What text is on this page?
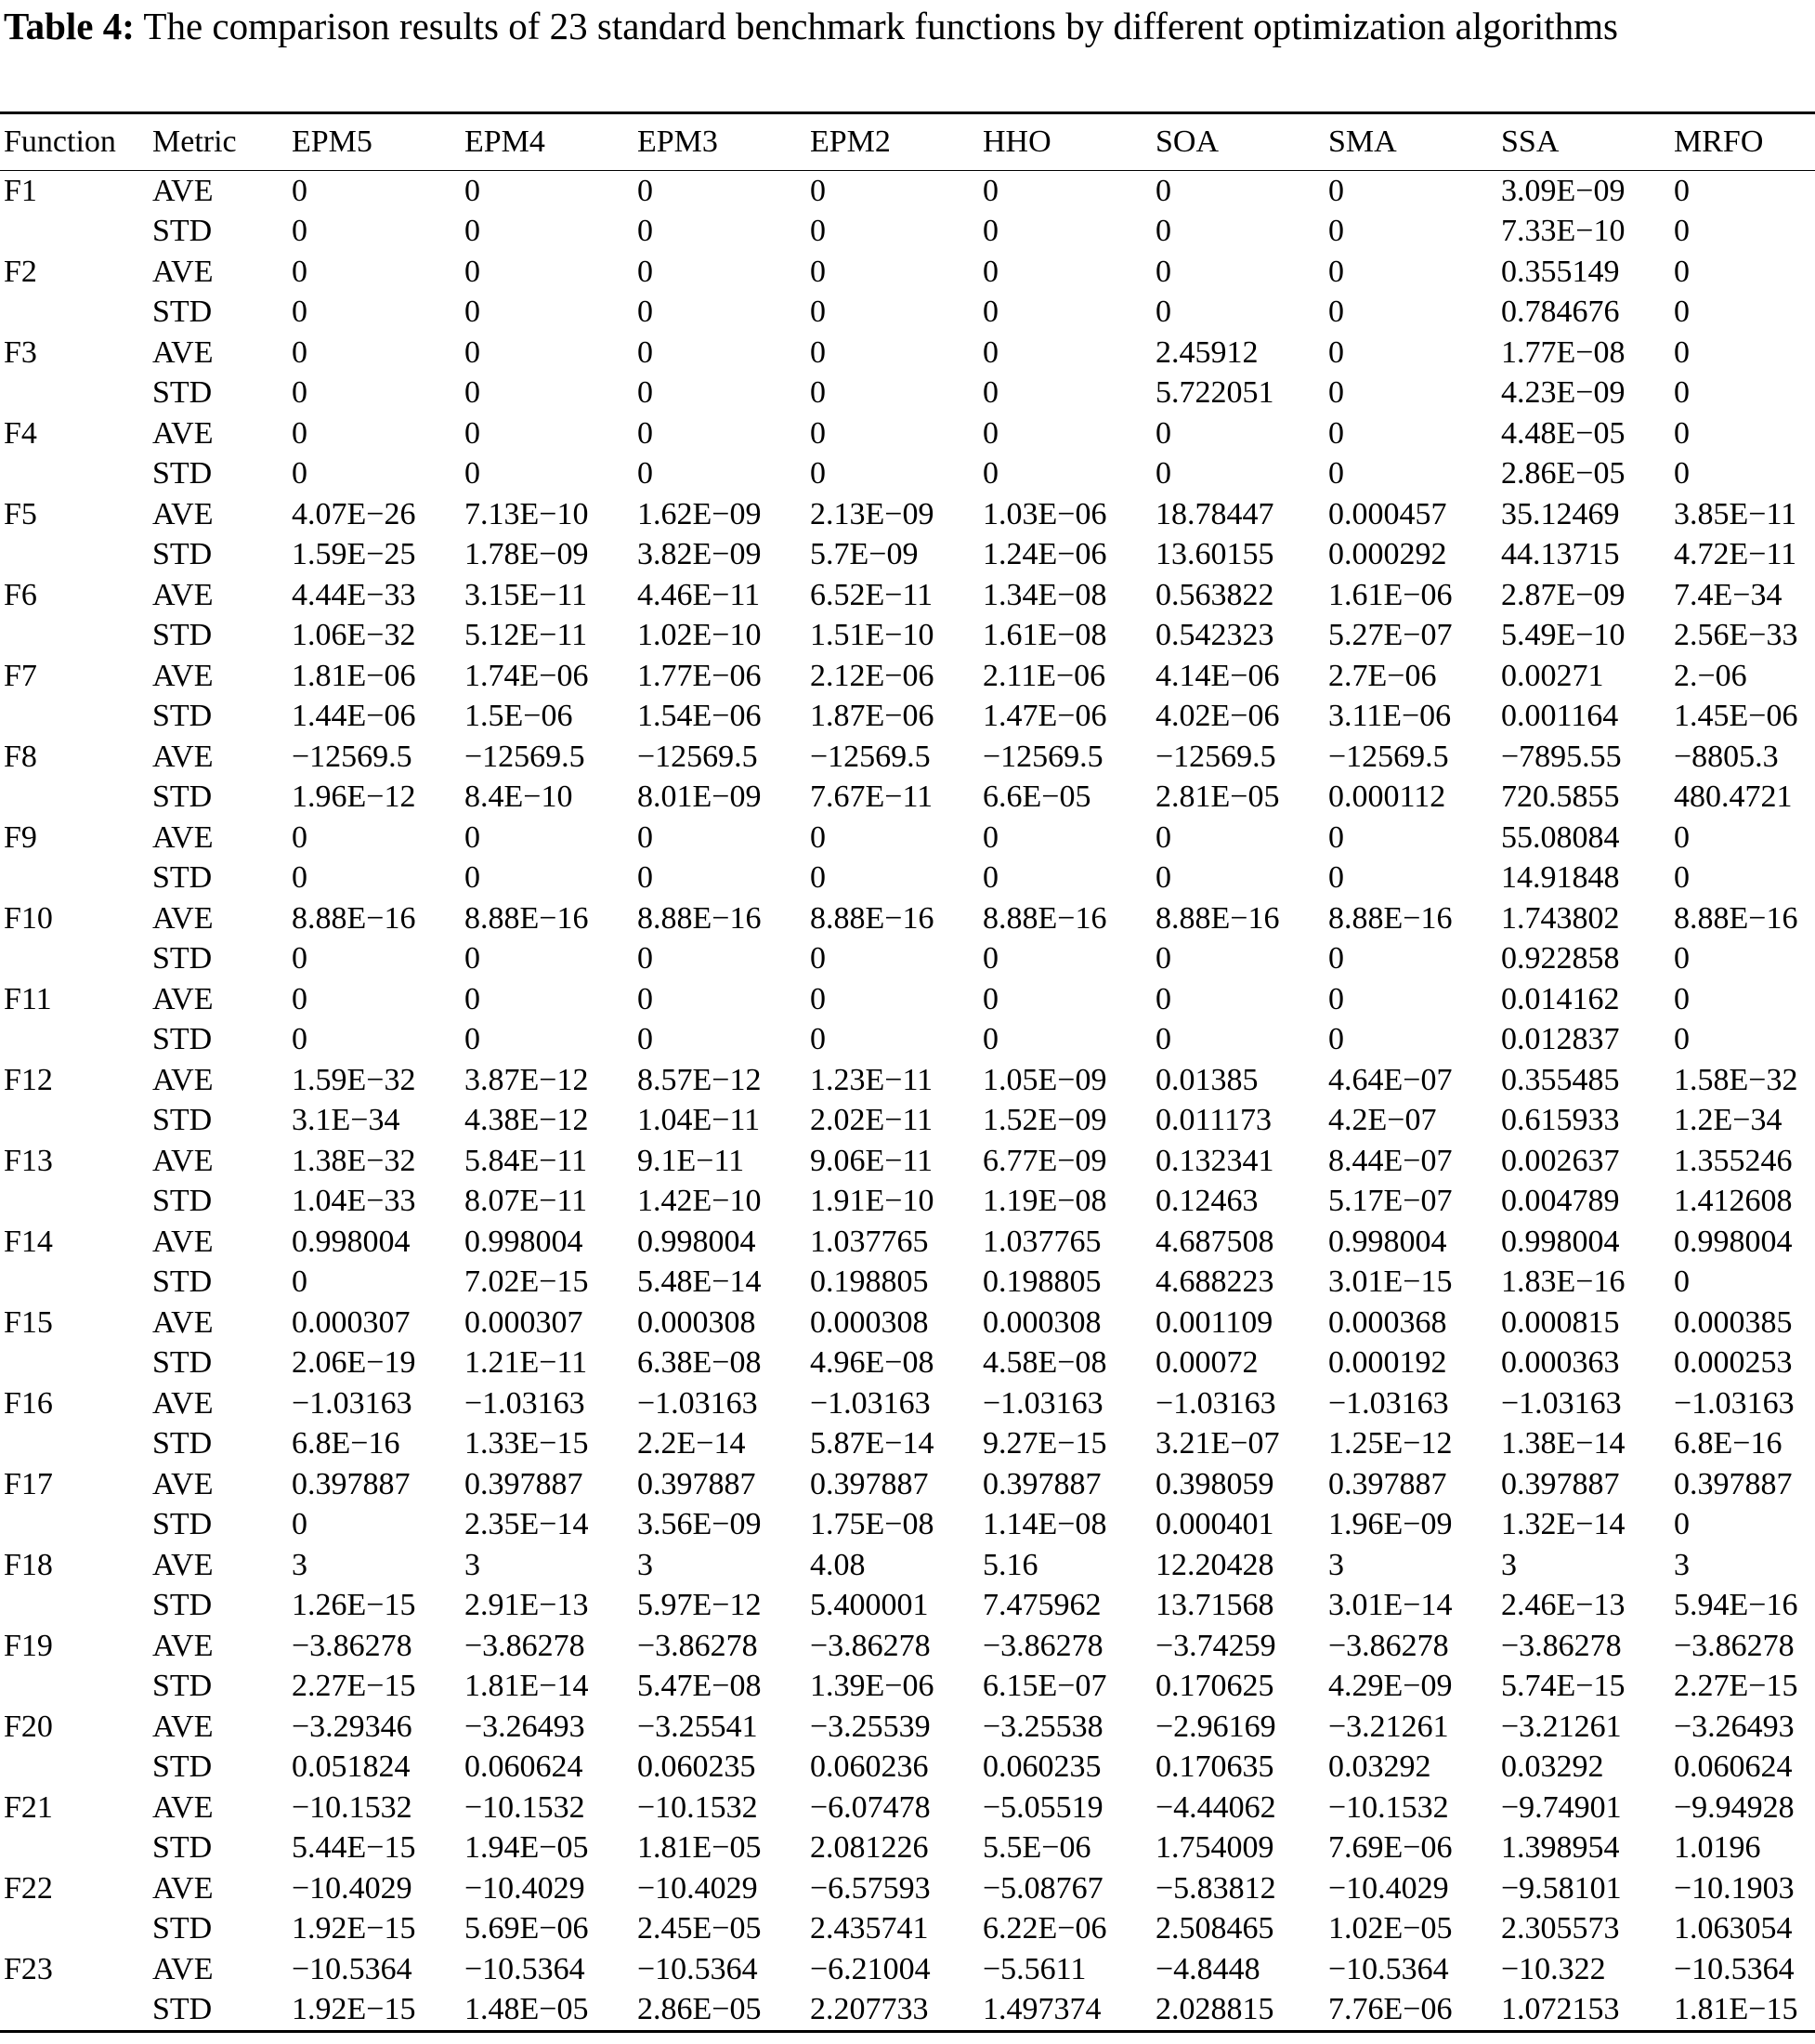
Table 4: The comparison results of 23 standard benchmark functions by different optimization algorithms
Function	Metric	EPM5	EPM4	EPM3	EPM2	HHO	SOA	SMA	SSA	MRFO
F1	AVE	0	0	0	0	0	0	0	3.09E−09	0
	STD	0	0	0	0	0	0	0	7.33E−10	0
F2	AVE	0	0	0	0	0	0	0	0.355149	0
	STD	0	0	0	0	0	0	0	0.784676	0
F3	AVE	0	0	0	0	0	2.45912	0	1.77E−08	0
	STD	0	0	0	0	0	5.722051	0	4.23E−09	0
F4	AVE	0	0	0	0	0	0	0	4.48E−05	0
	STD	0	0	0	0	0	0	0	2.86E−05	0
F5	AVE	4.07E−26	7.13E−10	1.62E−09	2.13E−09	1.03E−06	18.78447	0.000457	35.12469	3.85E−11
	STD	1.59E−25	1.78E−09	3.82E−09	5.7E−09	1.24E−06	13.60155	0.000292	44.13715	4.72E−11
F6	AVE	4.44E−33	3.15E−11	4.46E−11	6.52E−11	1.34E−08	0.563822	1.61E−06	2.87E−09	7.4E−34
	STD	1.06E−32	5.12E−11	1.02E−10	1.51E−10	1.61E−08	0.542323	5.27E−07	5.49E−10	2.56E−33
F7	AVE	1.81E−06	1.74E−06	1.77E−06	2.12E−06	2.11E−06	4.14E−06	2.7E−06	0.00271	2.−06
	STD	1.44E−06	1.5E−06	1.54E−06	1.87E−06	1.47E−06	4.02E−06	3.11E−06	0.001164	1.45E−06
F8	AVE	−12569.5	−12569.5	−12569.5	−12569.5	−12569.5	−12569.5	−12569.5	−7895.55	−8805.3
	STD	1.96E−12	8.4E−10	8.01E−09	7.67E−11	6.6E−05	2.81E−05	0.000112	720.5855	480.4721
F9	AVE	0	0	0	0	0	0	0	55.08084	0
	STD	0	0	0	0	0	0	0	14.91848	0
F10	AVE	8.88E−16	8.88E−16	8.88E−16	8.88E−16	8.88E−16	8.88E−16	8.88E−16	1.743802	8.88E−16
	STD	0	0	0	0	0	0	0	0.922858	0
F11	AVE	0	0	0	0	0	0	0	0.014162	0
	STD	0	0	0	0	0	0	0	0.012837	0
F12	AVE	1.59E−32	3.87E−12	8.57E−12	1.23E−11	1.05E−09	0.01385	4.64E−07	0.355485	1.58E−32
	STD	3.1E−34	4.38E−12	1.04E−11	2.02E−11	1.52E−09	0.011173	4.2E−07	0.615933	1.2E−34
F13	AVE	1.38E−32	5.84E−11	9.1E−11	9.06E−11	6.77E−09	0.132341	8.44E−07	0.002637	1.355246
	STD	1.04E−33	8.07E−11	1.42E−10	1.91E−10	1.19E−08	0.12463	5.17E−07	0.004789	1.412608
F14	AVE	0.998004	0.998004	0.998004	1.037765	1.037765	4.687508	0.998004	0.998004	0.998004
	STD	0	7.02E−15	5.48E−14	0.198805	0.198805	4.688223	3.01E−15	1.83E−16	0
F15	AVE	0.000307	0.000307	0.000308	0.000308	0.000308	0.001109	0.000368	0.000815	0.000385
	STD	2.06E−19	1.21E−11	6.38E−08	4.96E−08	4.58E−08	0.00072	0.000192	0.000363	0.000253
F16	AVE	−1.03163	−1.03163	−1.03163	−1.03163	−1.03163	−1.03163	−1.03163	−1.03163	−1.03163
	STD	6.8E−16	1.33E−15	2.2E−14	5.87E−14	9.27E−15	3.21E−07	1.25E−12	1.38E−14	6.8E−16
F17	AVE	0.397887	0.397887	0.397887	0.397887	0.397887	0.398059	0.397887	0.397887	0.397887
	STD	0	2.35E−14	3.56E−09	1.75E−08	1.14E−08	0.000401	1.96E−09	1.32E−14	0
F18	AVE	3	3	3	4.08	5.16	12.20428	3	3	3
	STD	1.26E−15	2.91E−13	5.97E−12	5.400001	7.475962	13.71568	3.01E−14	2.46E−13	5.94E−16
F19	AVE	−3.86278	−3.86278	−3.86278	−3.86278	−3.86278	−3.74259	−3.86278	−3.86278	−3.86278
	STD	2.27E−15	1.81E−14	5.47E−08	1.39E−06	6.15E−07	0.170625	4.29E−09	5.74E−15	2.27E−15
F20	AVE	−3.29346	−3.26493	−3.25541	−3.25539	−3.25538	−2.96169	−3.21261	−3.21261	−3.26493
	STD	0.051824	0.060624	0.060235	0.060236	0.060235	0.170635	0.03292	0.03292	0.060624
F21	AVE	−10.1532	−10.1532	−10.1532	−6.07478	−5.05519	−4.44062	−10.1532	−9.74901	−9.94928
	STD	5.44E−15	1.94E−05	1.81E−05	2.081226	5.5E−06	1.754009	7.69E−06	1.398954	1.0196
F22	AVE	−10.4029	−10.4029	−10.4029	−6.57593	−5.08767	−5.83812	−10.4029	−9.58101	−10.1903
	STD	1.92E−15	5.69E−06	2.45E−05	2.435741	6.22E−06	2.508465	1.02E−05	2.305573	1.063054
F23	AVE	−10.5364	−10.5364	−10.5364	−6.21004	−5.5611	−4.8448	−10.5364	−10.322	−10.5364
	STD	1.92E−15	1.48E−05	2.86E−05	2.207733	1.497374	2.028815	7.76E−06	1.072153	1.81E−15
